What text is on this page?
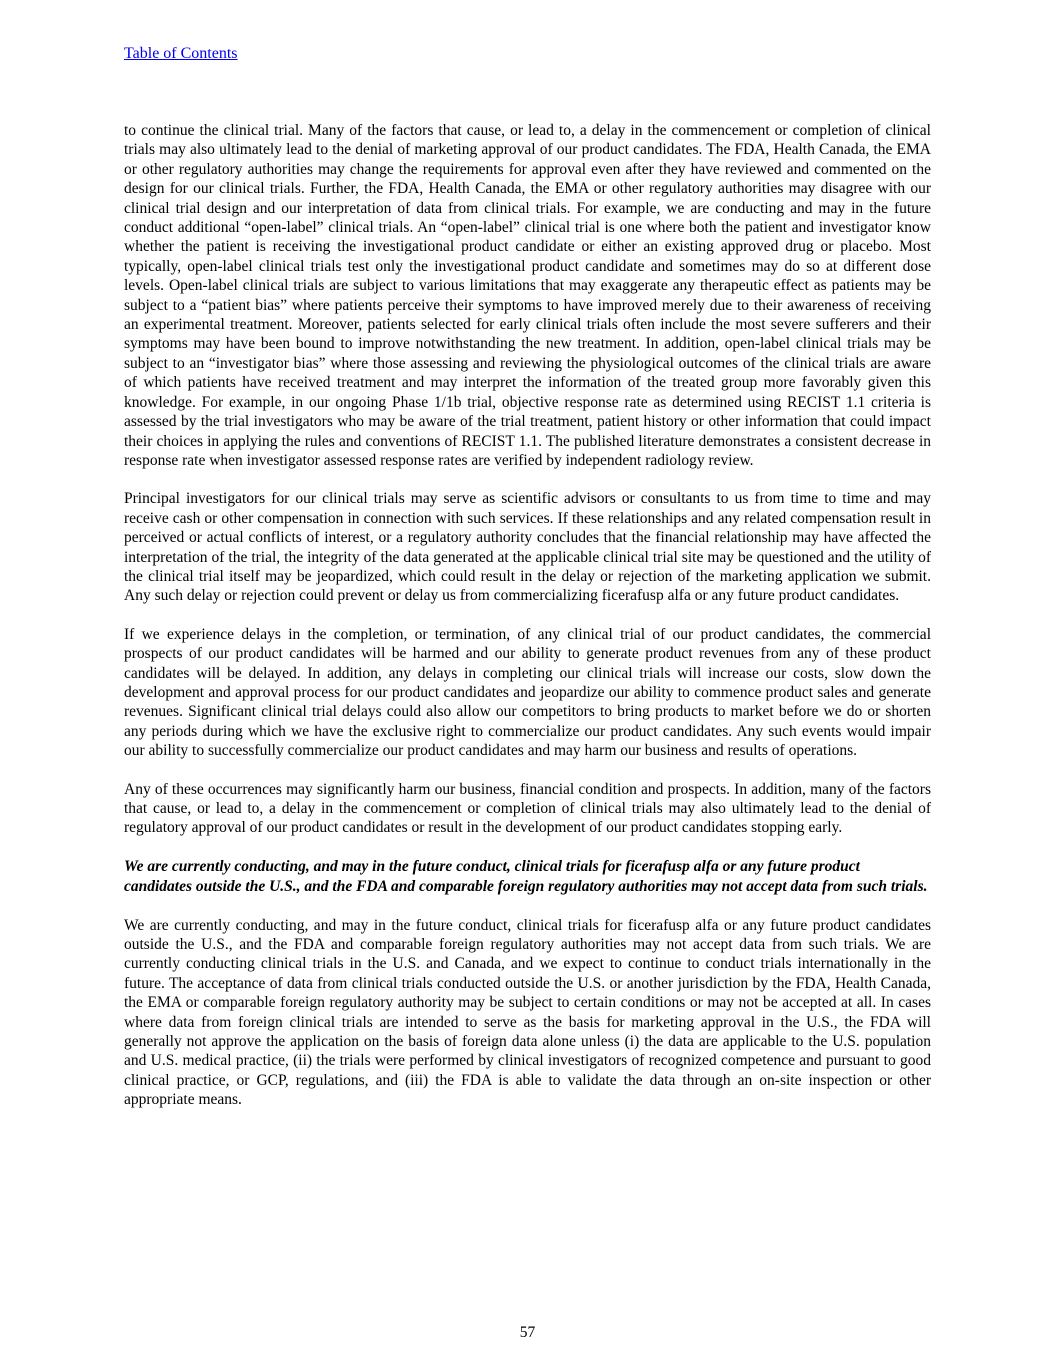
Table of Contents

to continue the clinical trial. Many of the factors that cause, or lead to, a delay in the commencement or completion of clinical trials may also ultimately lead to the denial of marketing approval of our product candidates. The FDA, Health Canada, the EMA or other regulatory authorities may change the requirements for approval even after they have reviewed and commented on the design for our clinical trials. Further, the FDA, Health Canada, the EMA or other regulatory authorities may disagree with our clinical trial design and our interpretation of data from clinical trials. For example, we are conducting and may in the future conduct additional “open-label” clinical trials. An “open-label” clinical trial is one where both the patient and investigator know whether the patient is receiving the investigational product candidate or either an existing approved drug or placebo. Most typically, open-label clinical trials test only the investigational product candidate and sometimes may do so at different dose levels. Open-label clinical trials are subject to various limitations that may exaggerate any therapeutic effect as patients may be subject to a “patient bias” where patients perceive their symptoms to have improved merely due to their awareness of receiving an experimental treatment. Moreover, patients selected for early clinical trials often include the most severe sufferers and their symptoms may have been bound to improve notwithstanding the new treatment. In addition, open-label clinical trials may be subject to an “investigator bias” where those assessing and reviewing the physiological outcomes of the clinical trials are aware of which patients have received treatment and may interpret the information of the treated group more favorably given this knowledge. For example, in our ongoing Phase 1/1b trial, objective response rate as determined using RECIST 1.1 criteria is assessed by the trial investigators who may be aware of the trial treatment, patient history or other information that could impact their choices in applying the rules and conventions of RECIST 1.1. The published literature demonstrates a consistent decrease in response rate when investigator assessed response rates are verified by independent radiology review.

Principal investigators for our clinical trials may serve as scientific advisors or consultants to us from time to time and may receive cash or other compensation in connection with such services. If these relationships and any related compensation result in perceived or actual conflicts of interest, or a regulatory authority concludes that the financial relationship may have affected the interpretation of the trial, the integrity of the data generated at the applicable clinical trial site may be questioned and the utility of the clinical trial itself may be jeopardized, which could result in the delay or rejection of the marketing application we submit. Any such delay or rejection could prevent or delay us from commercializing ficerafusp alfa or any future product candidates.

If we experience delays in the completion, or termination, of any clinical trial of our product candidates, the commercial prospects of our product candidates will be harmed and our ability to generate product revenues from any of these product candidates will be delayed. In addition, any delays in completing our clinical trials will increase our costs, slow down the development and approval process for our product candidates and jeopardize our ability to commence product sales and generate revenues. Significant clinical trial delays could also allow our competitors to bring products to market before we do or shorten any periods during which we have the exclusive right to commercialize our product candidates. Any such events would impair our ability to successfully commercialize our product candidates and may harm our business and results of operations.

Any of these occurrences may significantly harm our business, financial condition and prospects. In addition, many of the factors that cause, or lead to, a delay in the commencement or completion of clinical trials may also ultimately lead to the denial of regulatory approval of our product candidates or result in the development of our product candidates stopping early.

We are currently conducting, and may in the future conduct, clinical trials for ficerafusp alfa or any future product candidates outside the U.S., and the FDA and comparable foreign regulatory authorities may not accept data from such trials.

We are currently conducting, and may in the future conduct, clinical trials for ficerafusp alfa or any future product candidates outside the U.S., and the FDA and comparable foreign regulatory authorities may not accept data from such trials. We are currently conducting clinical trials in the U.S. and Canada, and we expect to continue to conduct trials internationally in the future. The acceptance of data from clinical trials conducted outside the U.S. or another jurisdiction by the FDA, Health Canada, the EMA or comparable foreign regulatory authority may be subject to certain conditions or may not be accepted at all. In cases where data from foreign clinical trials are intended to serve as the basis for marketing approval in the U.S., the FDA will generally not approve the application on the basis of foreign data alone unless (i) the data are applicable to the U.S. population and U.S. medical practice, (ii) the trials were performed by clinical investigators of recognized competence and pursuant to good clinical practice, or GCP, regulations, and (iii) the FDA is able to validate the data through an on-site inspection or other appropriate means.

57
